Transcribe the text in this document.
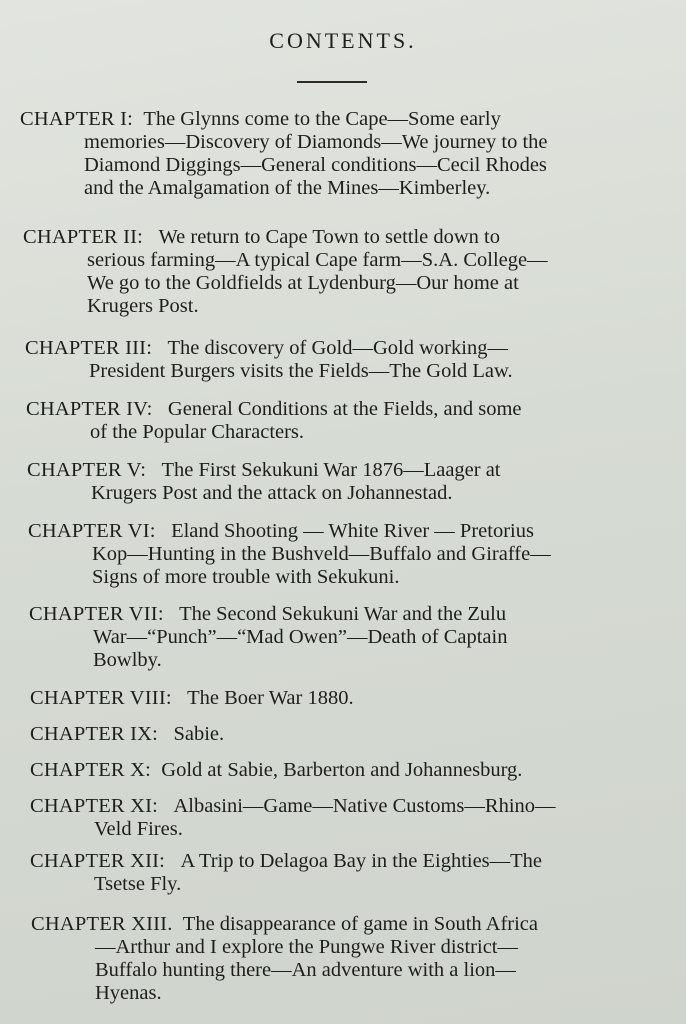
CONTENTS.
CHAPTER I: The Glynns come to the Cape—Some early
memories—Discovery of Diamonds—We journey to the
Diamond Diggings—General conditions—Cecil Rhodes
and the Amalgamation of the Mines—Kimberley.
CHAPTER II: We return to Cape Town to settle down to
serious farming—A typical Cape farm—S.A. College—
We go to the Goldfields at Lydenburg—Our home at
Krugers Post.
CHAPTER III: The discovery of Gold—Gold working—
President Burgers visits the Fields—The Gold Law.
CHAPTER IV: General Conditions at the Fields, and some
of the Popular Characters.
CHAPTER V: The First Sekukuni War 1876—Laager at
Krugers Post and the attack on Johannestad.
CHAPTER VI: Eland Shooting — White River — Pretorius
Kop—Hunting in the Bushveld—Buffalo and Giraffe—
Signs of more trouble with Sekukuni.
CHAPTER VII: The Second Sekukuni War and the Zulu
War—“Punch”—“Mad Owen”—Death of Captain
Bowlby.
CHAPTER VIII: The Boer War 1880.
CHAPTER IX: Sabie.
CHAPTER X: Gold at Sabie, Barberton and Johannesburg.
CHAPTER XI: Albasini—Game—Native Customs—Rhino—
Veld Fires.
CHAPTER XII: A Trip to Delagoa Bay in the Eighties—The
Tsetse Fly.
CHAPTER XIII. The disappearance of game in South Africa
—Arthur and I explore the Pungwe River district—
Buffalo hunting there—An adventure with a lion—
Hyenas.
